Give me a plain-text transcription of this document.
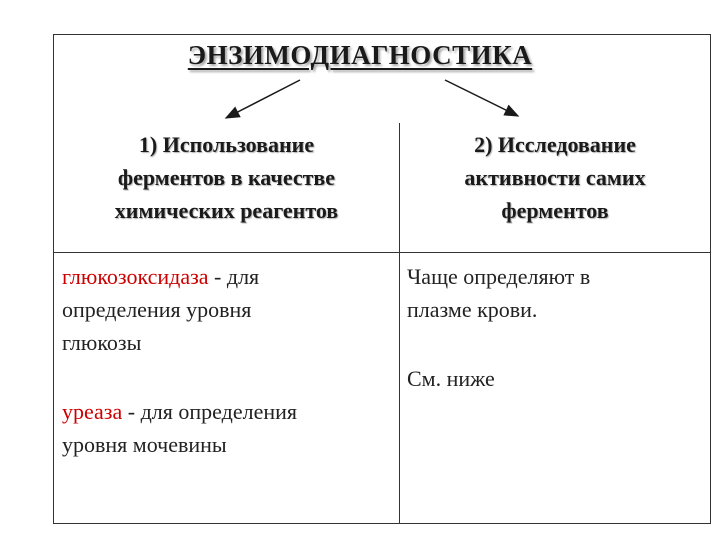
ЭНЗИМОДИАГНОСТИКА
1) Использование
ферментов в качестве
химических реагентов
2) Исследование
активности самих
ферментов
глюкозоксидаза - для
определения уровня
глюкозы
уреаза - для определения
уровня мочевины
Чаще определяют в
плазме крови.
См. ниже
